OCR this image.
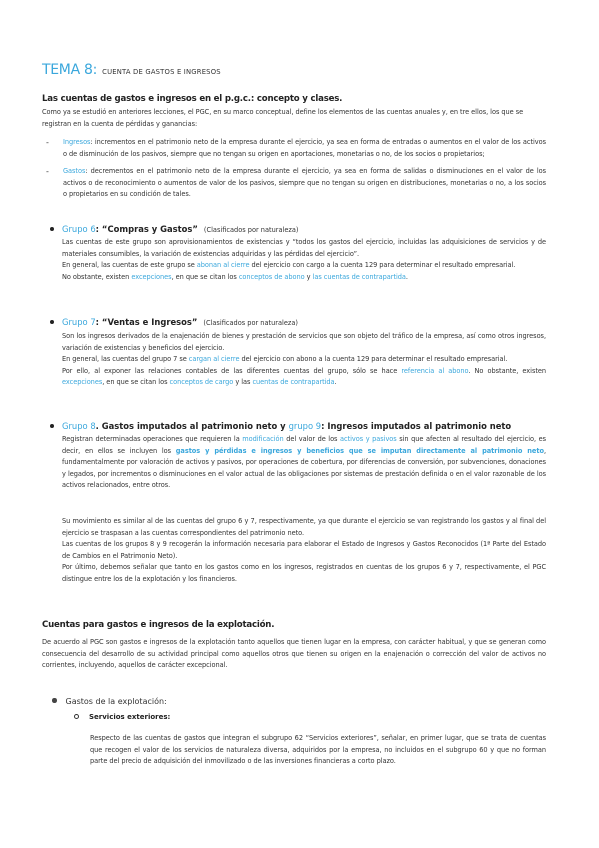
TEMA 8: CUENTA DE GASTOS E INGRESOS
Las cuentas de gastos e ingresos en el p.g.c.: concepto y clases.

Como ya se estudió en anteriores lecciones, el PGC, en su marco conceptual, define los elementos de las cuentas anuales y, en tre ellos, los que se registran en la cuenta de pérdidas y ganancias:

- Ingresos: incrementos en el patrimonio neto de la empresa durante el ejercicio, ya sea en forma de entradas o aumentos en el valor de los activos o de disminución de los pasivos, siempre que no tengan su origen en aportaciones, monetarias o no, de los socios o propietarios;

- Gastos: decrementos en el patrimonio neto de la empresa durante el ejercicio, ya sea en forma de salidas o disminuciones en el valor de los activos o de reconocimiento o aumentos de valor de los pasivos, siempre que no tengan su origen en distribuciones, monetarias o no, a los socios o propietarios en su condición de tales.

Grupo 6: “Compras y Gastos” (Clasificados por naturaleza)

Las cuentas de este grupo son aprovisionamientos de existencias y “todos los gastos del ejercicio, incluidas las adquisiciones de servicios y de materiales consumibles, la variación de existencias adquiridas y las pérdidas del ejercicio”.

En general, las cuentas de este grupo se abonan al cierre del ejercicio con cargo a la cuenta 129 para determinar el resultado empresarial.

No obstante, existen excepciones, en que se citan los conceptos de abono y las cuentas de contrapartida.

Grupo 7: “Ventas e Ingresos” (Clasificados por naturaleza)

Son los ingresos derivados de la enajenación de bienes y prestación de servicios que son objeto del tráfico de la empresa, así como otros ingresos, variación de existencias y beneficios del ejercicio.

En general, las cuentas del grupo 7 se cargan al cierre del ejercicio con abono a la cuenta 129 para determinar el resultado empresarial.

Por ello, al exponer las relaciones contables de las diferentes cuentas del grupo, sólo se hace referencia al abono. No obstante, existen excepciones, en que se citan los conceptos de cargo y las cuentas de contrapartida.

Grupo 8. Gastos imputados al patrimonio neto y grupo 9: Ingresos imputados al patrimonio neto

Registran determinadas operaciones que requieren la modificación del valor de los activos y pasivos sin que afecten al resultado del ejercicio, es decir, en ellos se incluyen los gastos y pérdidas e ingresos y beneficios que se imputan directamente al patrimonio neto, fundamentalmente por valoración de activos y pasivos, por operaciones de cobertura, por diferencias de conversión, por subvenciones, donaciones y legados, por incrementos o disminuciones en el valor actual de las obligaciones por sistemas de prestación definida o en el valor razonable de los activos relacionados, entre otros.

Su movimiento es similar al de las cuentas del grupo 6 y 7, respectivamente, ya que durante el ejercicio se van registrando los gastos y al final del ejercicio se traspasan a las cuentas correspondientes del patrimonio neto.

Las cuentas de los grupos 8 y 9 recogerán la información necesaria para elaborar el Estado de Ingresos y Gastos Reconocidos (1ª Parte del Estado de Cambios en el Patrimonio Neto).

Por último, debemos señalar que tanto en los gastos como en los ingresos, registrados en cuentas de los grupos 6 y 7, respectivamente, el PGC distingue entre los de la explotación y los financieros.

Cuentas para gastos e ingresos de la explotación.

De acuerdo al PGC son gastos e ingresos de la explotación tanto aquellos que tienen lugar en la empresa, con carácter habitual, y que se generan como consecuencia del desarrollo de su actividad principal como aquellos otros que tienen su origen en la enajenación o corrección del valor de activos no corrientes, incluyendo, aquellos de carácter excepcional.

Gastos de la explotación:
Servicios exteriores:

Respecto de las cuentas de gastos que integran el subgrupo 62 “Servicios exteriores”, señalar, en primer lugar, que se trata de cuentas que recogen el valor de los servicios de naturaleza diversa, adquiridos por la empresa, no incluidos en el subgrupo 60 y que no forman parte del precio de adquisición del inmovilizado o de las inversiones financieras a corto plazo.
